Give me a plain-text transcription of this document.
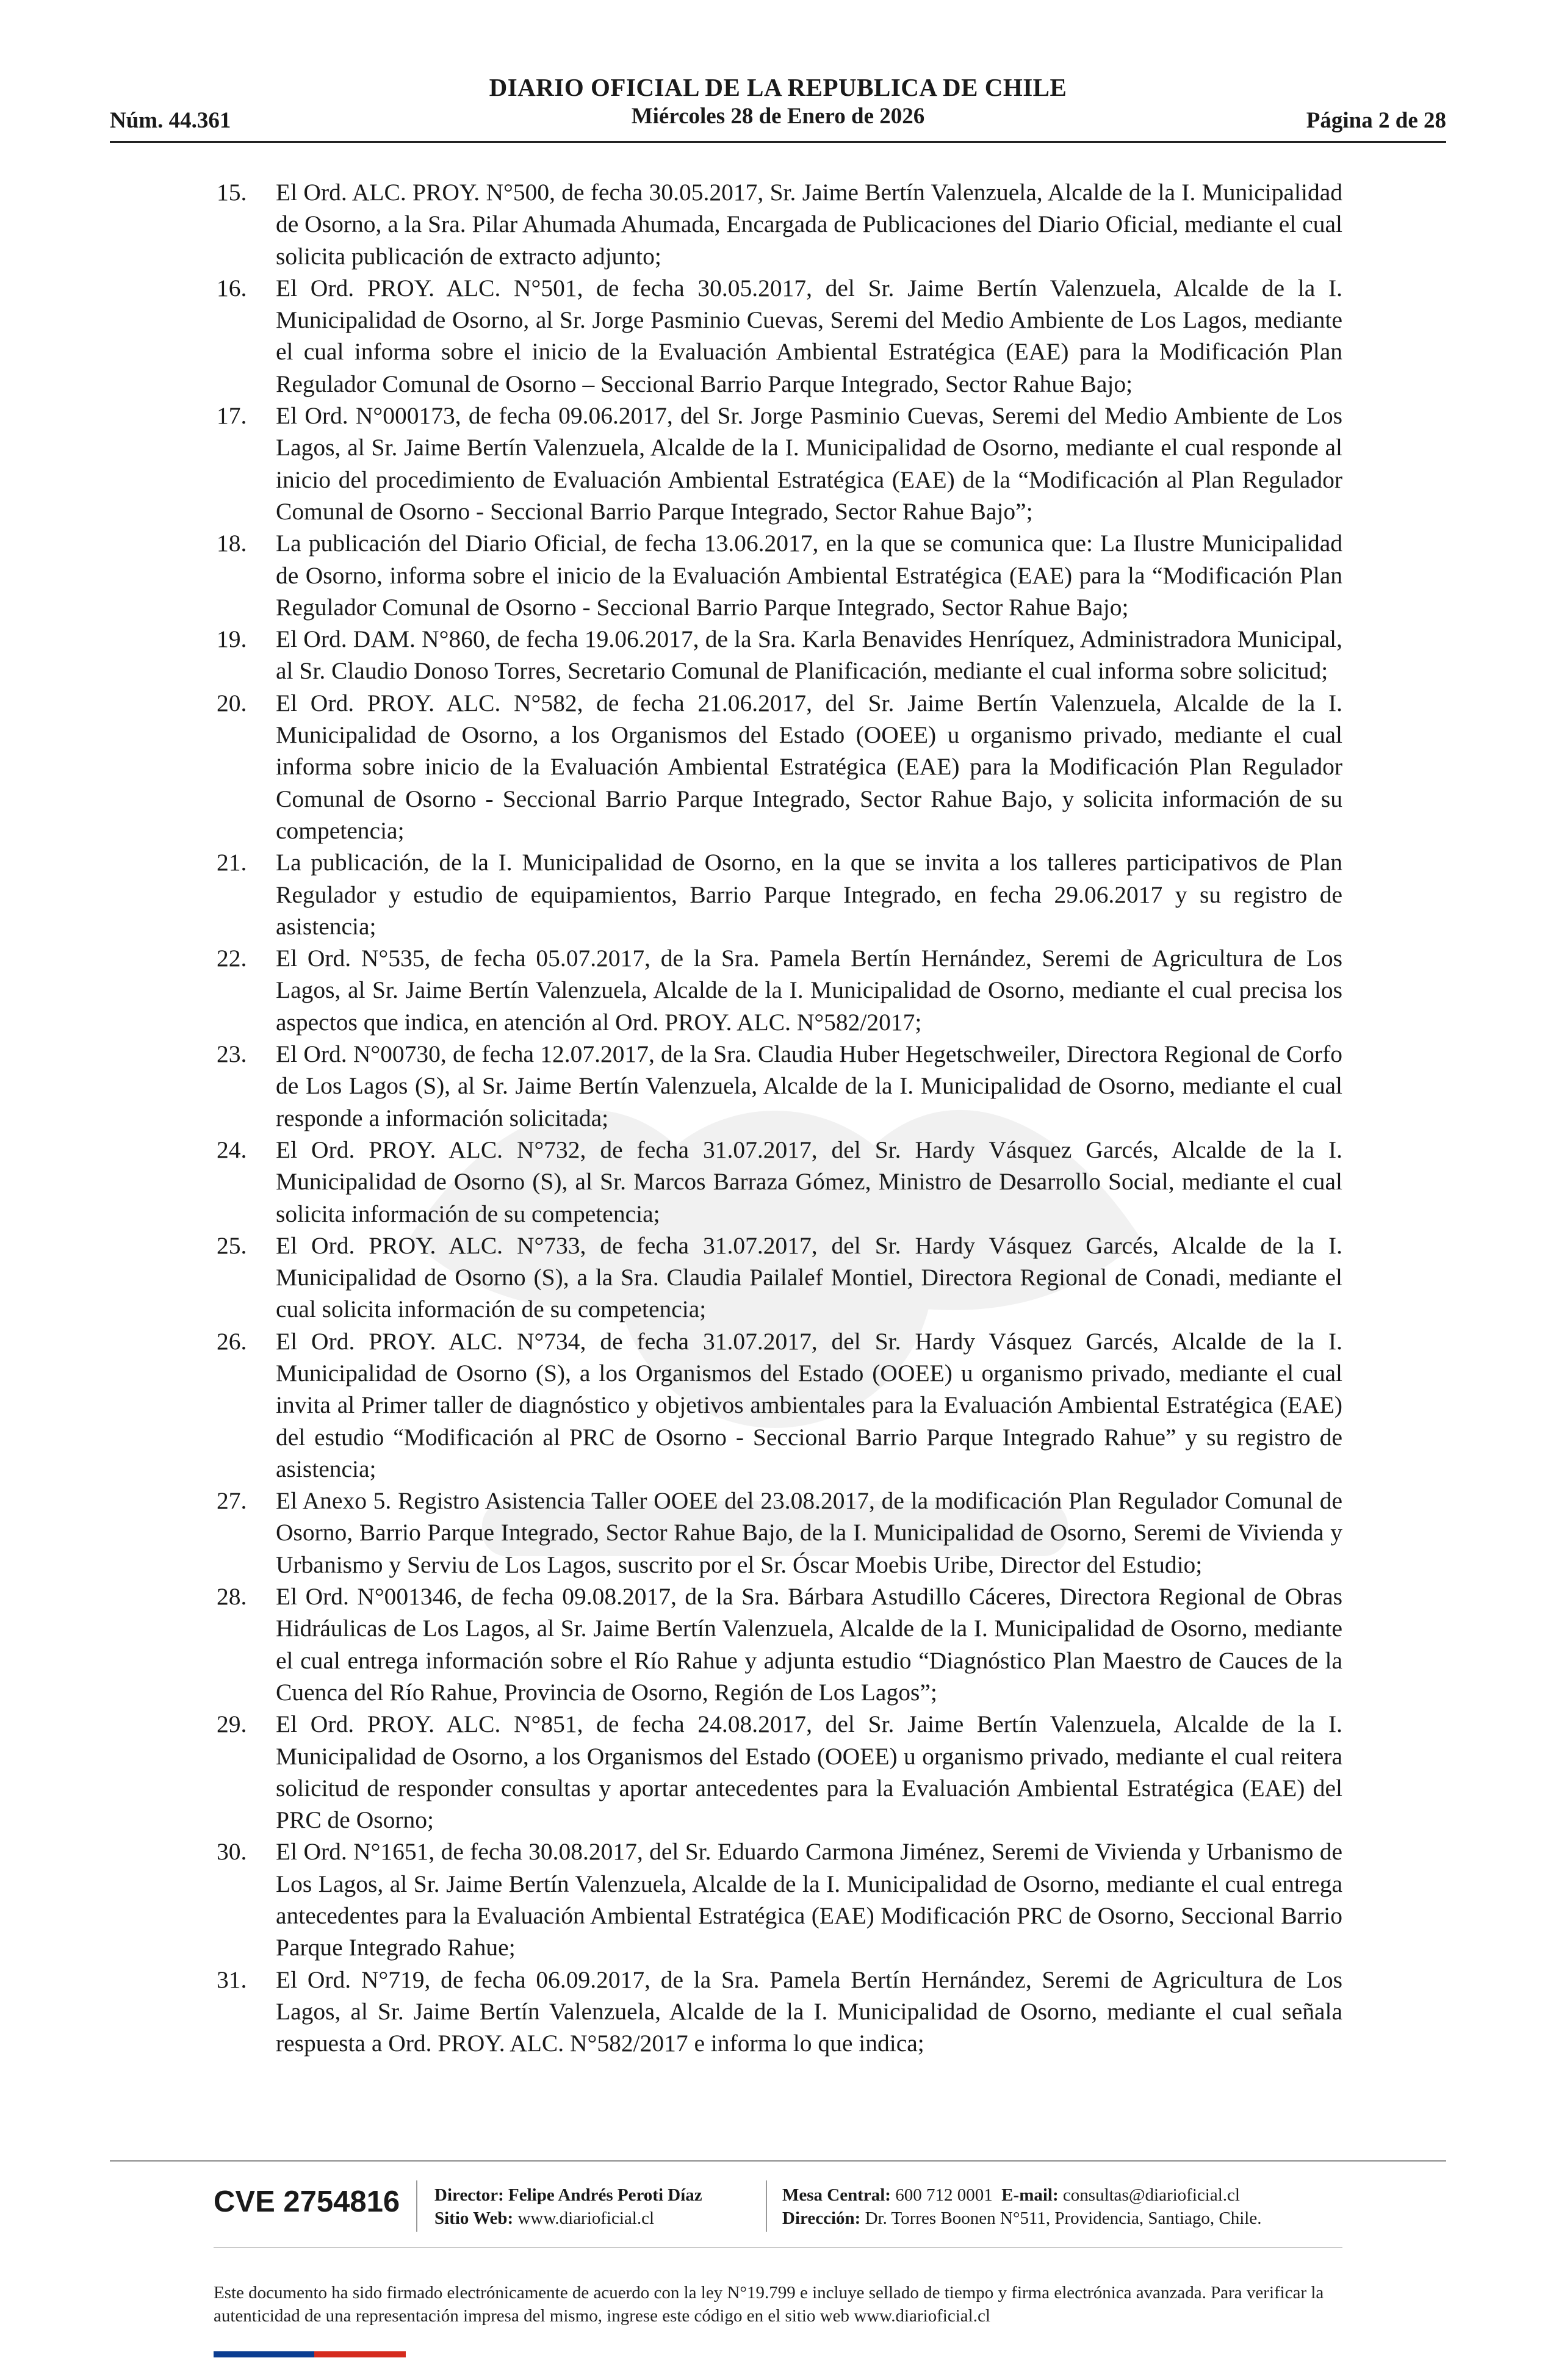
Núm. 44.361
DIARIO OFICIAL DE LA REPUBLICA DE CHILE
Miércoles 28 de Enero de 2026	Página 2 de 28

15. El Ord. ALC. PROY. N°500, de fecha 30.05.2017, Sr. Jaime Bertín Valenzuela, Alcalde de la I. Municipalidad de Osorno, a la Sra. Pilar Ahumada Ahumada, Encargada de Publicaciones del Diario Oficial, mediante el cual solicita publicación de extracto adjunto;

16. El Ord. PROY. ALC. N°501, de fecha 30.05.2017, del Sr. Jaime Bertín Valenzuela, Alcalde de la I. Municipalidad de Osorno, al Sr. Jorge Pasminio Cuevas, Seremi del Medio Ambiente de Los Lagos, mediante el cual informa sobre el inicio de la Evaluación Ambiental Estratégica (EAE) para la Modificación Plan Regulador Comunal de Osorno – Seccional Barrio Parque Integrado, Sector Rahue Bajo;

17. El Ord. N°000173, de fecha 09.06.2017, del Sr. Jorge Pasminio Cuevas, Seremi del Medio Ambiente de Los Lagos, al Sr. Jaime Bertín Valenzuela, Alcalde de la I. Municipalidad de Osorno, mediante el cual responde al inicio del procedimiento de Evaluación Ambiental Estratégica (EAE) de la “Modificación al Plan Regulador Comunal de Osorno - Seccional Barrio Parque Integrado, Sector Rahue Bajo”;

18. La publicación del Diario Oficial, de fecha 13.06.2017, en la que se comunica que: La Ilustre Municipalidad de Osorno, informa sobre el inicio de la Evaluación Ambiental Estratégica (EAE) para la “Modificación Plan Regulador Comunal de Osorno - Seccional Barrio Parque Integrado, Sector Rahue Bajo;

19. El Ord. DAM. N°860, de fecha 19.06.2017, de la Sra. Karla Benavides Henríquez, Administradora Municipal, al Sr. Claudio Donoso Torres, Secretario Comunal de Planificación, mediante el cual informa sobre solicitud;

20. El Ord. PROY. ALC. N°582, de fecha 21.06.2017, del Sr. Jaime Bertín Valenzuela, Alcalde de la I. Municipalidad de Osorno, a los Organismos del Estado (OOEE) u organismo privado, mediante el cual informa sobre inicio de la Evaluación Ambiental Estratégica (EAE) para la Modificación Plan Regulador Comunal de Osorno - Seccional Barrio Parque Integrado, Sector Rahue Bajo, y solicita información de su competencia;

21. La publicación, de la I. Municipalidad de Osorno, en la que se invita a los talleres participativos de Plan Regulador y estudio de equipamientos, Barrio Parque Integrado, en fecha 29.06.2017 y su registro de asistencia;

22. El Ord. N°535, de fecha 05.07.2017, de la Sra. Pamela Bertín Hernández, Seremi de Agricultura de Los Lagos, al Sr. Jaime Bertín Valenzuela, Alcalde de la I. Municipalidad de Osorno, mediante el cual precisa los aspectos que indica, en atención al Ord. PROY. ALC. N°582/2017;

23. El Ord. N°00730, de fecha 12.07.2017, de la Sra. Claudia Huber Hegetschweiler, Directora Regional de Corfo de Los Lagos (S), al Sr. Jaime Bertín Valenzuela, Alcalde de la I. Municipalidad de Osorno, mediante el cual responde a información solicitada;

24. El Ord. PROY. ALC. N°732, de fecha 31.07.2017, del Sr. Hardy Vásquez Garcés, Alcalde de la I. Municipalidad de Osorno (S), al Sr. Marcos Barraza Gómez, Ministro de Desarrollo Social, mediante el cual solicita información de su competencia;

25. El Ord. PROY. ALC. N°733, de fecha 31.07.2017, del Sr. Hardy Vásquez Garcés, Alcalde de la I. Municipalidad de Osorno (S), a la Sra. Claudia Pailalef Montiel, Directora Regional de Conadi, mediante el cual solicita información de su competencia;

26. El Ord. PROY. ALC. N°734, de fecha 31.07.2017, del Sr. Hardy Vásquez Garcés, Alcalde de la I. Municipalidad de Osorno (S), a los Organismos del Estado (OOEE) u organismo privado, mediante el cual invita al Primer taller de diagnóstico y objetivos ambientales para la Evaluación Ambiental Estratégica (EAE) del estudio “Modificación al PRC de Osorno - Seccional Barrio Parque Integrado Rahue” y su registro de asistencia;

27. El Anexo 5. Registro Asistencia Taller OOEE del 23.08.2017, de la modificación Plan Regulador Comunal de Osorno, Barrio Parque Integrado, Sector Rahue Bajo, de la I. Municipalidad de Osorno, Seremi de Vivienda y Urbanismo y Serviu de Los Lagos, suscrito por el Sr. Óscar Moebis Uribe, Director del Estudio;

28. El Ord. N°001346, de fecha 09.08.2017, de la Sra. Bárbara Astudillo Cáceres, Directora Regional de Obras Hidráulicas de Los Lagos, al Sr. Jaime Bertín Valenzuela, Alcalde de la I. Municipalidad de Osorno, mediante el cual entrega información sobre el Río Rahue y adjunta estudio “Diagnóstico Plan Maestro de Cauces de la Cuenca del Río Rahue, Provincia de Osorno, Región de Los Lagos”;

29. El Ord. PROY. ALC. N°851, de fecha 24.08.2017, del Sr. Jaime Bertín Valenzuela, Alcalde de la I. Municipalidad de Osorno, a los Organismos del Estado (OOEE) u organismo privado, mediante el cual reitera solicitud de responder consultas y aportar antecedentes para la Evaluación Ambiental Estratégica (EAE) del PRC de Osorno;

30. El Ord. N°1651, de fecha 30.08.2017, del Sr. Eduardo Carmona Jiménez, Seremi de Vivienda y Urbanismo de Los Lagos, al Sr. Jaime Bertín Valenzuela, Alcalde de la I. Municipalidad de Osorno, mediante el cual entrega antecedentes para la Evaluación Ambiental Estratégica (EAE) Modificación PRC de Osorno, Seccional Barrio Parque Integrado Rahue;

31. El Ord. N°719, de fecha 06.09.2017, de la Sra. Pamela Bertín Hernández, Seremi de Agricultura de Los Lagos, al Sr. Jaime Bertín Valenzuela, Alcalde de la I. Municipalidad de Osorno, mediante el cual señala respuesta a Ord. PROY. ALC. N°582/2017 e informa lo que indica;

CVE 2754816 Director: Felipe Andrés Peroti Díaz
Sitio Web: www.diarioficial.cl
Mesa Central: 600 712 0001 E-mail: consultas@diarioficial.cl
Dirección: Dr. Torres Boonen N°511, Providencia, Santiago, Chile.
Este documento ha sido firmado electrónicamente de acuerdo con la ley N°19.799 e incluye sellado de tiempo y firma electrónica avanzada. Para verificar la autenticidad de una representación impresa del mismo, ingrese este código en el sitio web www.diarioficial.cl
